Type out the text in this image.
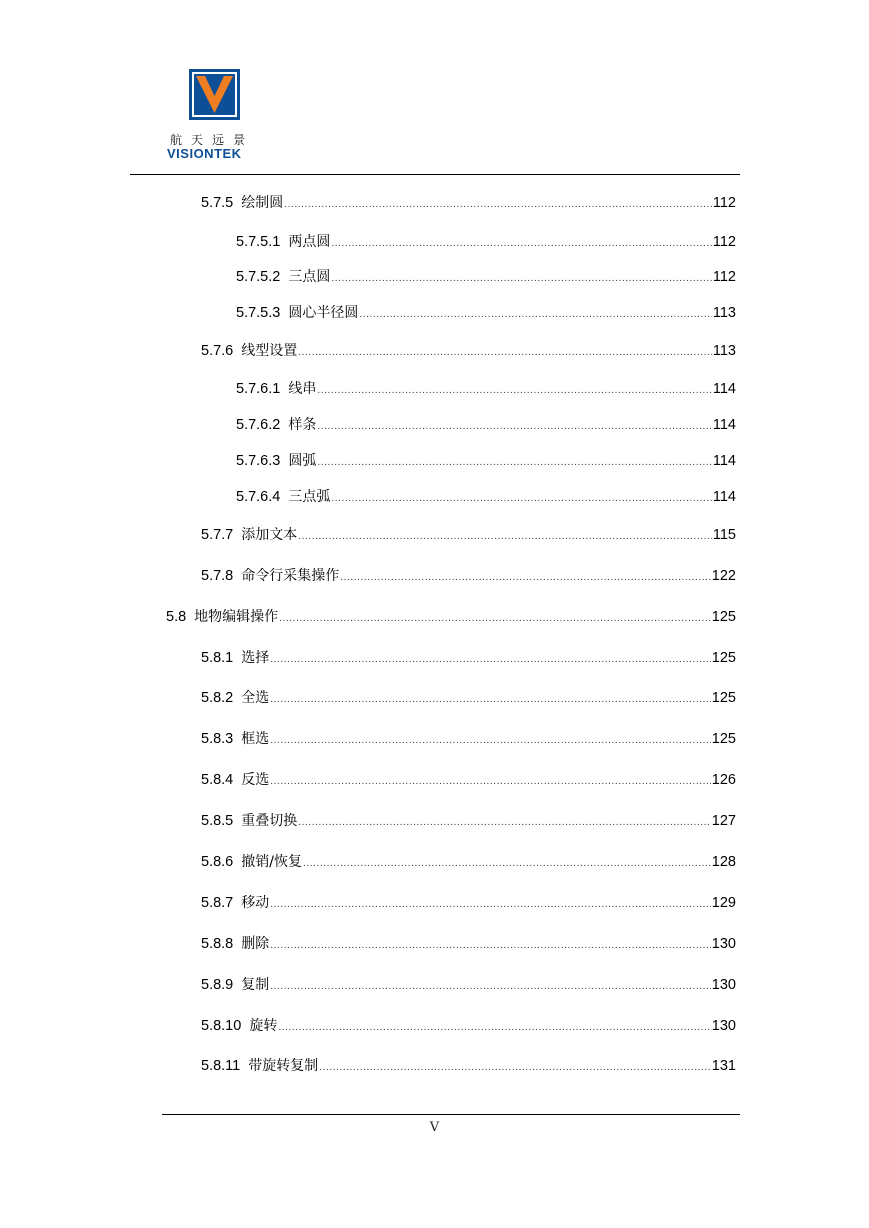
航天远景
VISIONTEK
5.7.5 绘制圆 .....	112
5.7.5.1 两点圆 .....	112
5.7.5.2 三点圆 .....	112
5.7.5.3 圆心半径圆 .....	113
5.7.6 线型设置 .....	113
5.7.6.1 线串 .....	114
5.7.6.2 样条 .....	114
5.7.6.3 圆弧 .....	114
5.7.6.4 三点弧 .....	114
5.7.7 添加文本 .....	115
5.7.8 命令行采集操作 .....	122
5.8 地物编辑操作 .....	125
5.8.1 选择 .....	125
5.8.2 全选 .....	125
5.8.3 框选 .....	125
5.8.4 反选 .....	126
5.8.5 重叠切换 .....	127
5.8.6 撤销/恢复 .....	128
5.8.7 移动 .....	129
5.8.8 删除 .....	130
5.8.9 复制 .....	130
5.8.10 旋转 .....	130
5.8.11 带旋转复制 .....	131
V
